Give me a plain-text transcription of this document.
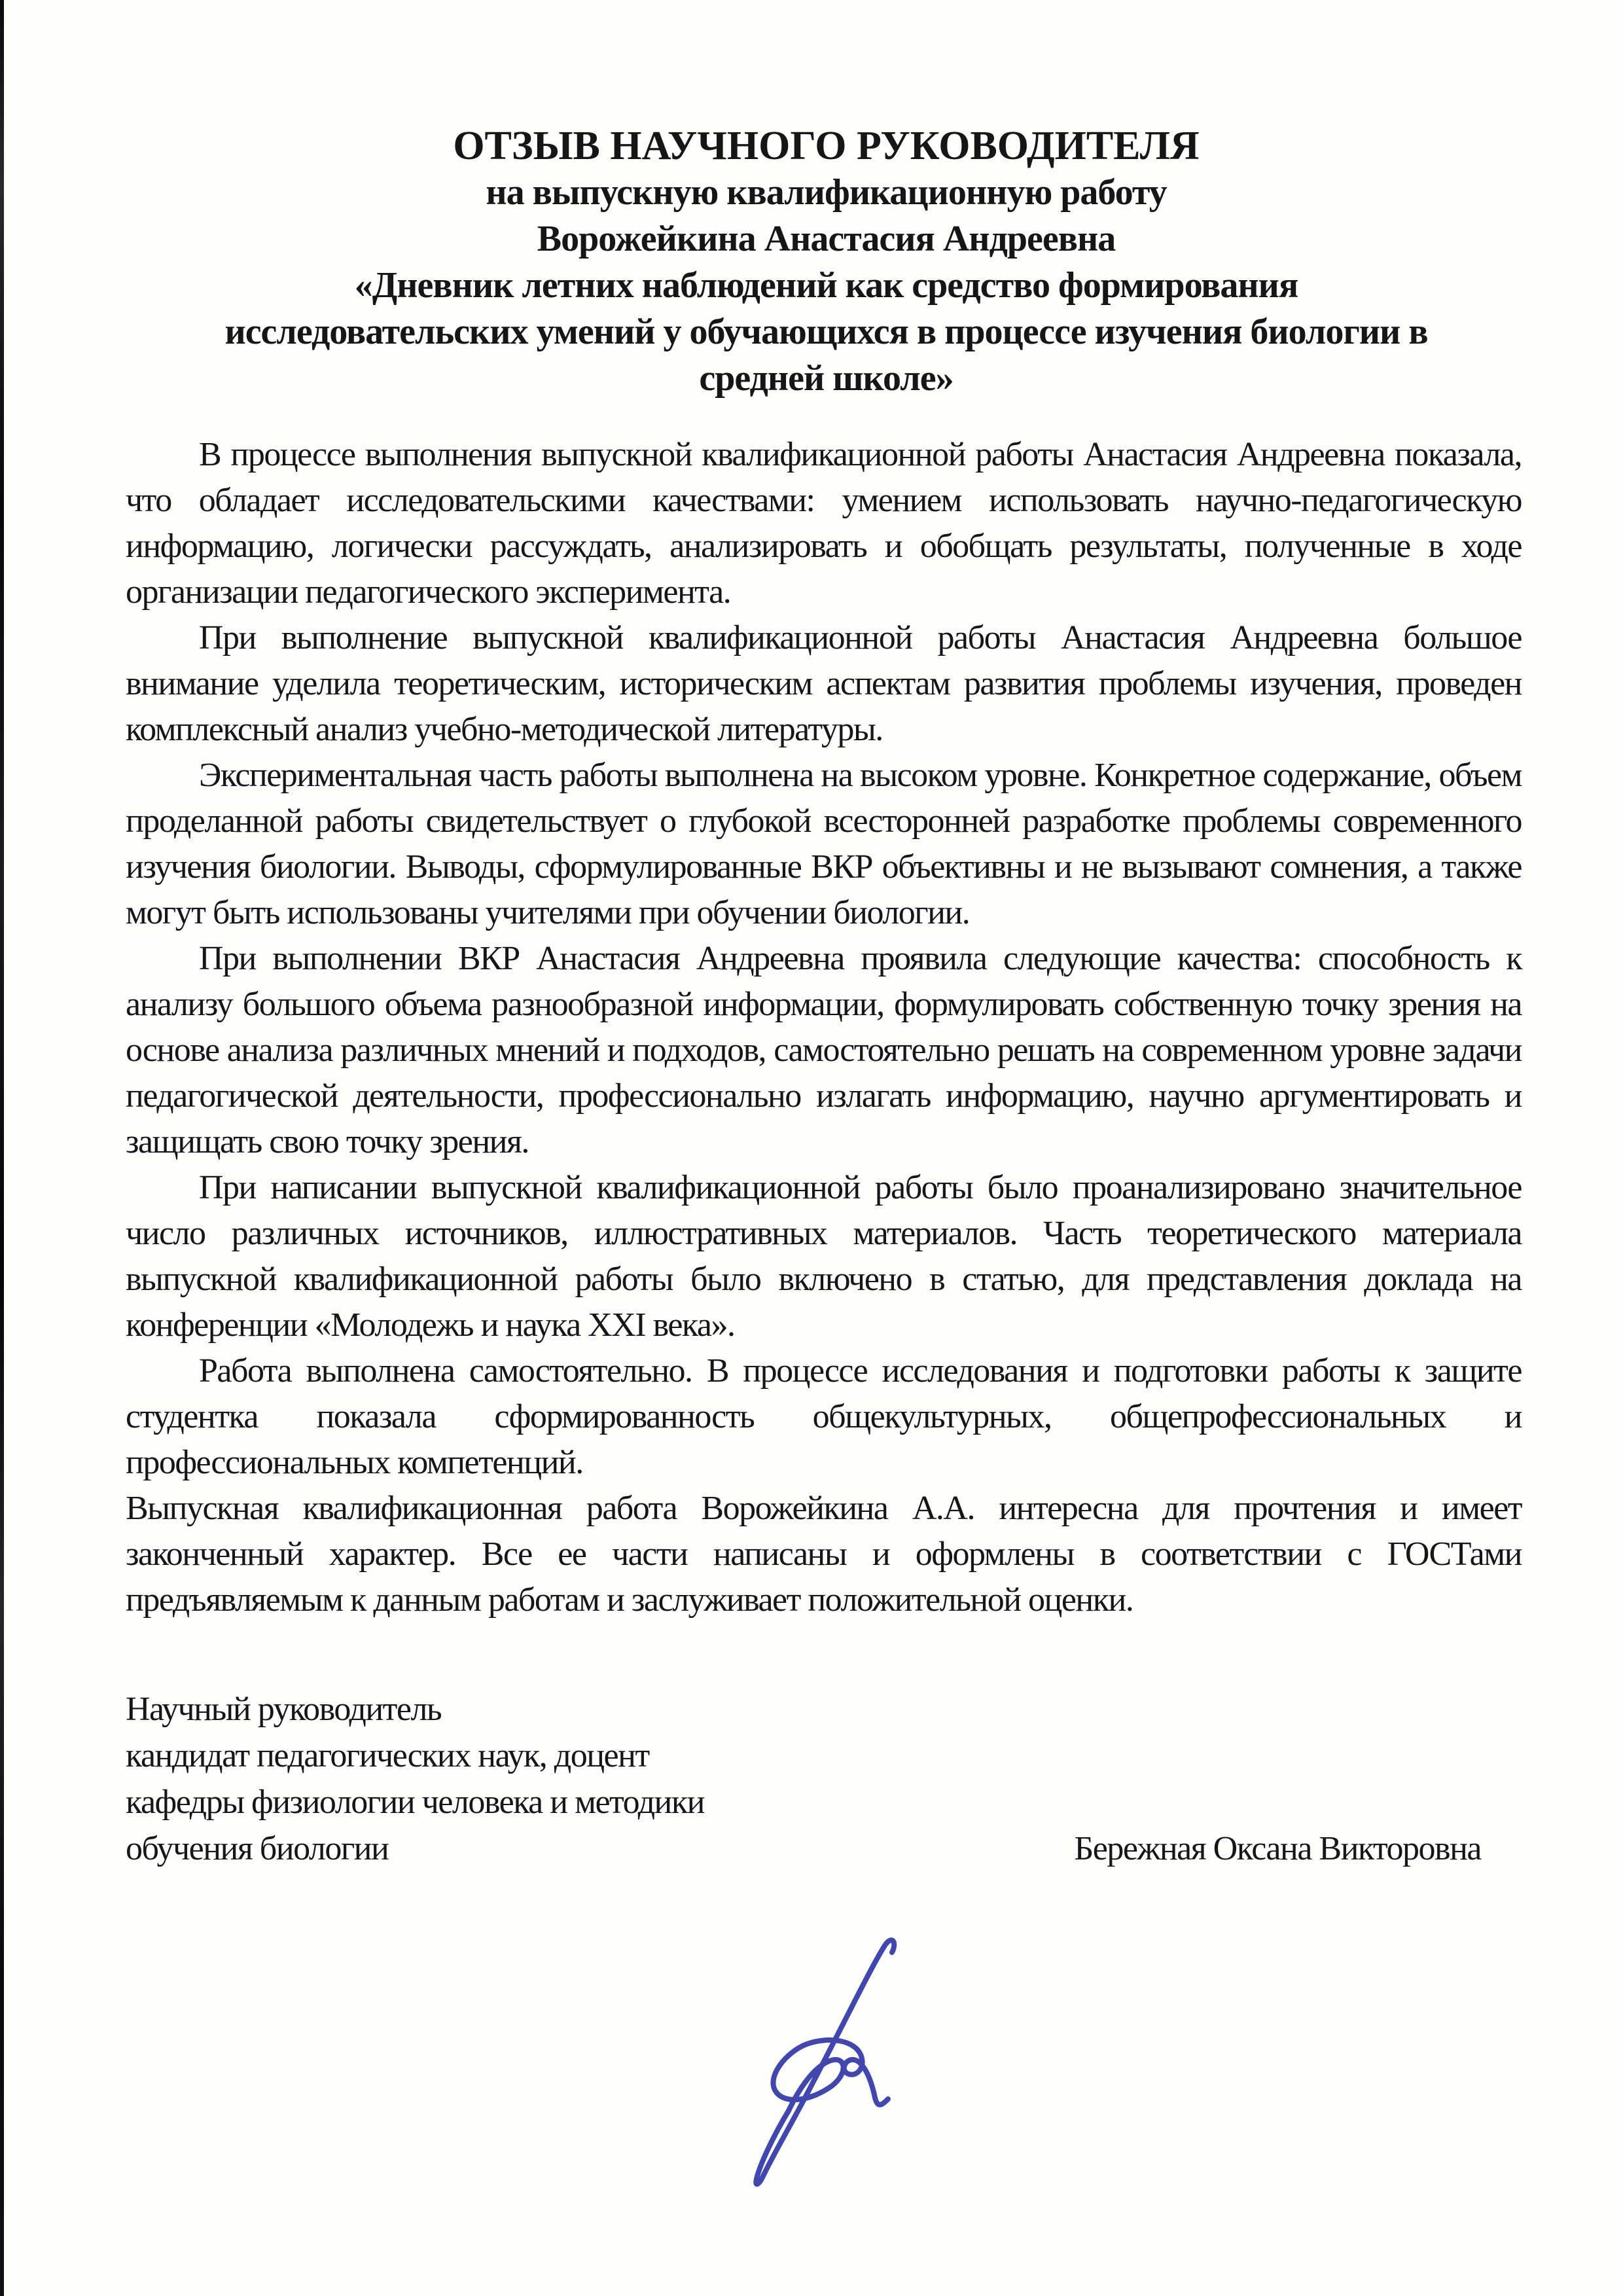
ОТЗЫВ НАУЧНОГО РУКОВОДИТЕЛЯ
на выпускную квалификационную работу
Ворожейкина Анастасия Андреевна
«Дневник летних наблюдений как средство формирования
исследовательских умений у обучающихся в процессе изучения биологии в
средней школе»

В процессе выполнения выпускной квалификационной работы Анастасия Андреевна показала, что обладает исследовательскими качествами: умением использовать научно-педагогическую информацию, логически рассуждать, анализировать и обобщать результаты, полученные в ходе организации педагогического эксперимента.

При выполнение выпускной квалификационной работы Анастасия Андреевна большое внимание уделила теоретическим, историческим аспектам развития проблемы изучения, проведен комплексный анализ учебно-методической литературы.

Экспериментальная часть работы выполнена на высоком уровне. Конкретное содержание, объем проделанной работы свидетельствует о глубокой всесторонней разработке проблемы современного изучения биологии. Выводы, сформулированные ВКР объективны и не вызывают сомнения, а также могут быть использованы учителями при обучении биологии.

При выполнении ВКР Анастасия Андреевна проявила следующие качества: способность к анализу большого объема разнообразной информации, формулировать собственную точку зрения на основе анализа различных мнений и подходов, самостоятельно решать на современном уровне задачи педагогической деятельности, профессионально излагать информацию, научно аргументировать и защищать свою точку зрения.

При написании выпускной квалификационной работы было проанализировано значительное число различных источников, иллюстративных материалов. Часть теоретического материала выпускной квалификационной работы было включено в статью, для представления доклада на конференции «Молодежь и наука XXI века».

Работа выполнена самостоятельно. В процессе исследования и подготовки работы к защите студентка показала сформированность общекультурных, общепрофессиональных и профессиональных компетенций.

Выпускная квалификационная работа Ворожейкина А.А. интересна для прочтения и имеет законченный характер. Все ее части написаны и оформлены в соответствии с ГОСТами предъявляемым к данным работам и заслуживает положительной оценки.

Научный руководитель
кандидат педагогических наук, доцент
кафедры физиологии человека и методики
обучения биологии	Бережная Оксана Викторовна
